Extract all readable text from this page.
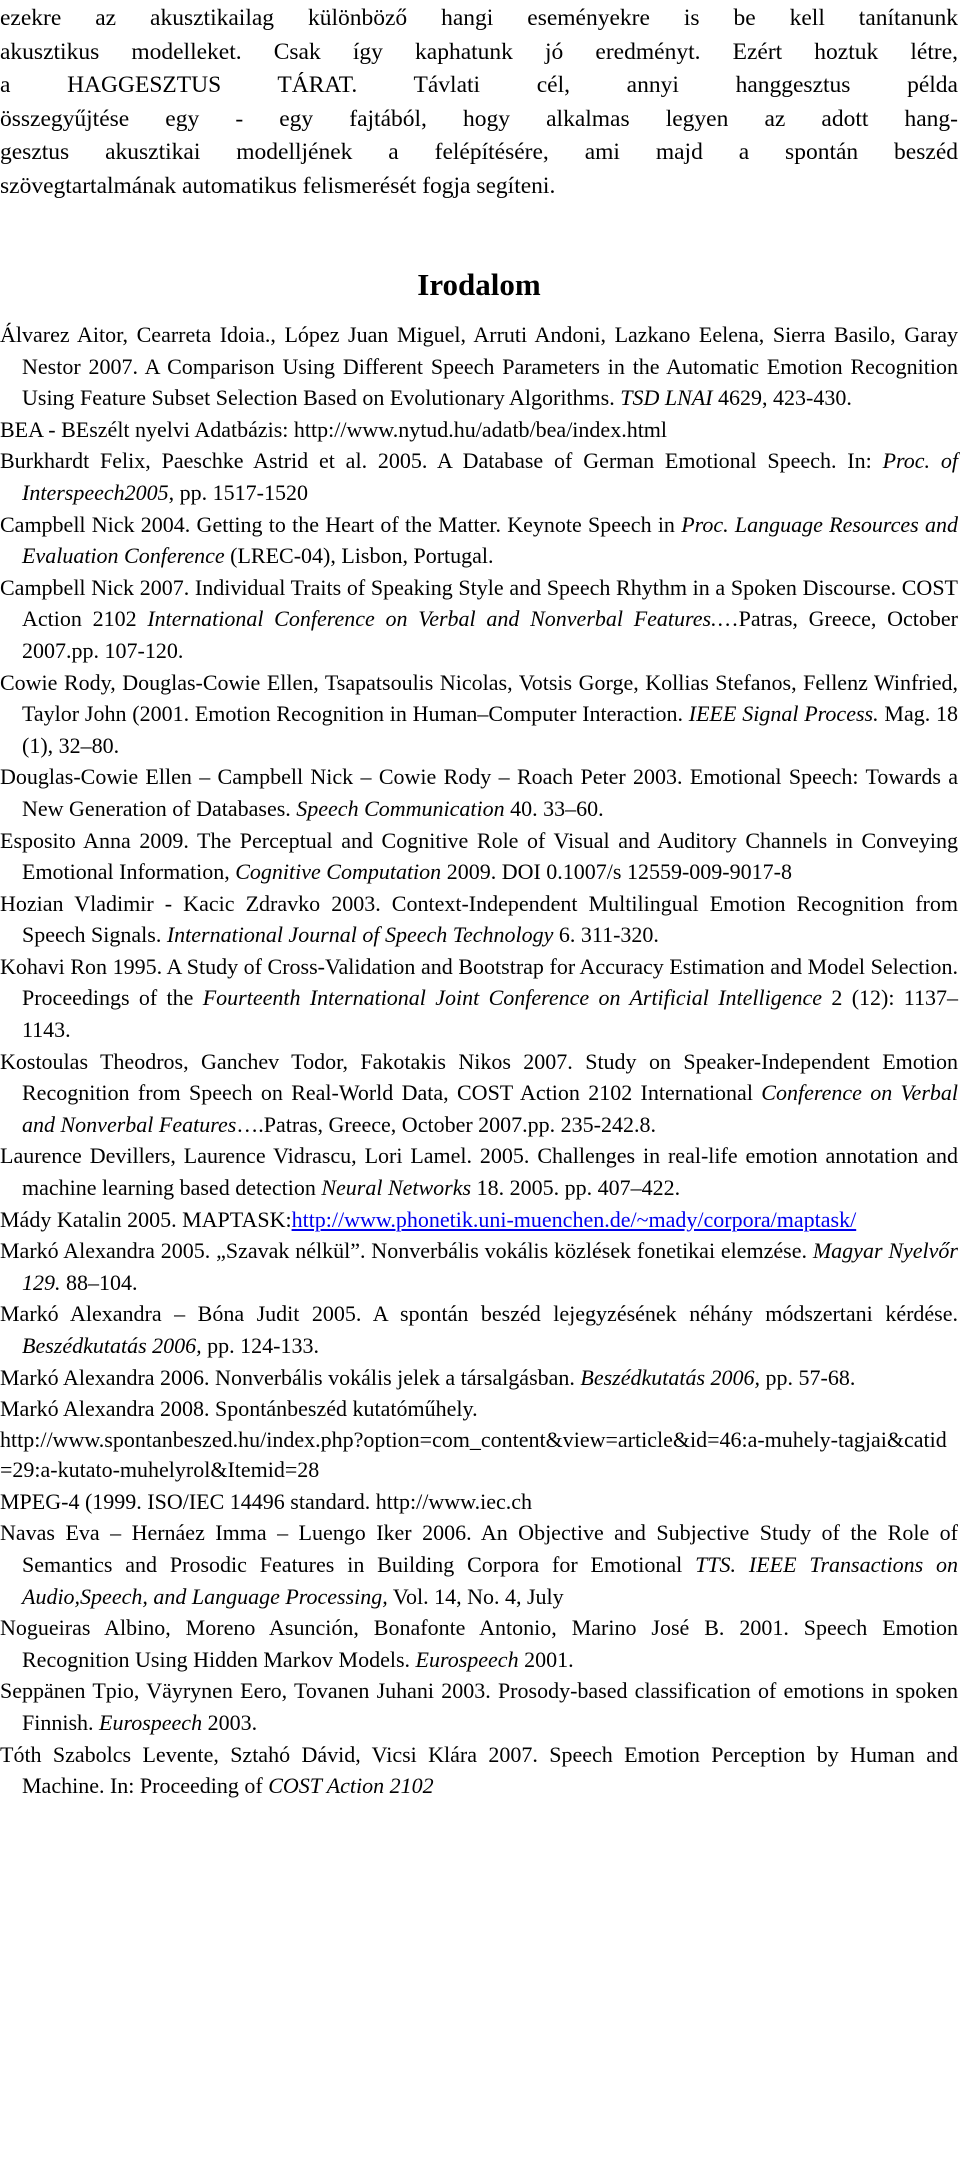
ezekre az akusztikailag különböző hangi eseményekre is be kell tanítanunk
akusztikus modelleket. Csak így kaphatunk jó eredményt. Ezért hoztuk létre,
a HAGGESZTUS TÁRAT. Távlati cél, annyi hanggesztus példa
összegyűjtése egy - egy fajtából, hogy alkalmas legyen az adott hang-
gesztus akusztikai modelljének a felépítésére, ami majd a spontán beszéd
szövegtartalmának automatikus felismerését fogja segíteni.
Irodalom

Álvarez Aitor, Cearreta Idoia., López Juan Miguel, Arruti Andoni, Lazkano Eelena, Sierra Basilo, Garay Nestor 2007. A Comparison Using Different Speech Parameters in the Automatic Emotion Recognition Using Feature Subset Selection Based on Evolutionary Algorithms. TSD LNAI 4629, 423-430.

BEA - BEszélt nyelvi Adatbázis: http://www.nytud.hu/adatb/bea/index.html

Burkhardt Felix, Paeschke Astrid et al. 2005. A Database of German Emotional Speech. In: Proc. of Interspeech2005, pp. 1517-1520

Campbell Nick 2004. Getting to the Heart of the Matter. Keynote Speech in Proc. Language Resources and Evaluation Conference (LREC-04), Lisbon, Portugal.

Campbell Nick 2007. Individual Traits of Speaking Style and Speech Rhythm in a Spoken Discourse. COST Action 2102 International Conference on Verbal and Nonverbal Features.…Patras, Greece, October 2007.pp. 107-120.

Cowie Rody, Douglas-Cowie Ellen, Tsapatsoulis Nicolas, Votsis Gorge, Kollias Stefanos, Fellenz Winfried, Taylor John (2001. Emotion Recognition in Human–Computer Interaction. IEEE Signal Process. Mag. 18 (1), 32–80.

Douglas-Cowie Ellen – Campbell Nick – Cowie Rody – Roach Peter 2003. Emotional Speech: Towards a New Generation of Databases. Speech Communication 40. 33–60.

Esposito Anna 2009. The Perceptual and Cognitive Role of Visual and Auditory Channels in Conveying Emotional Information, Cognitive Computation 2009. DOI 0.1007/s 12559-009-9017-8

Hozian Vladimir - Kacic Zdravko 2003. Context-Independent Multilingual Emotion Recognition from Speech Signals. International Journal of Speech Technology 6. 311-320.

Kohavi Ron 1995. A Study of Cross-Validation and Bootstrap for Accuracy Estimation and Model Selection. Proceedings of the Fourteenth International Joint Conference on Artificial Intelligence 2 (12): 1137–1143.

Kostoulas Theodros, Ganchev Todor, Fakotakis Nikos 2007. Study on Speaker-Independent Emotion Recognition from Speech on Real-World Data, COST Action 2102 International Conference on Verbal and Nonverbal Features….Patras, Greece, October 2007.pp. 235-242.8.

Laurence Devillers, Laurence Vidrascu, Lori Lamel. 2005. Challenges in real-life emotion annotation and machine learning based detection Neural Networks 18. 2005. pp. 407–422.

Mády Katalin 2005. MAPTASK:http://www.phonetik.uni-muenchen.de/~mady/corpora/maptask/

Markó Alexandra 2005. „Szavak nélkül”. Nonverbális vokális közlések fonetikai elemzése. Magyar Nyelvőr 129. 88–104.

Markó Alexandra – Bóna Judit 2005. A spontán beszéd lejegyzésének néhány módszertani kérdése. Beszédkutatás 2006, pp. 124-133.

Markó Alexandra 2006. Nonverbális vokális jelek a társalgásban. Beszédkutatás 2006, pp. 57-68.

Markó Alexandra 2008. Spontánbeszéd kutatóműhely.

http://www.spontanbeszed.hu/index.php?option=com_content&view=article&id=46:a-muhely-tagjai&catid=29:a-kutato-muhelyrol&Itemid=28

MPEG-4 (1999. ISO/IEC 14496 standard. http://www.iec.ch

Navas Eva – Hernáez Imma – Luengo Iker 2006. An Objective and Subjective Study of the Role of Semantics and Prosodic Features in Building Corpora for Emotional TTS. IEEE Transactions on Audio,Speech, and Language Processing, Vol. 14, No. 4, July

Nogueiras Albino, Moreno Asunción, Bonafonte Antonio, Marino José B. 2001. Speech Emotion Recognition Using Hidden Markov Models. Eurospeech 2001.

Seppänen Tpio, Väyrynen Eero, Tovanen Juhani 2003. Prosody-based classification of emotions in spoken Finnish. Eurospeech 2003.

Tóth Szabolcs Levente, Sztahó Dávid, Vicsi Klára 2007. Speech Emotion Perception by Human and Machine. In: Proceeding of COST Action 2102
